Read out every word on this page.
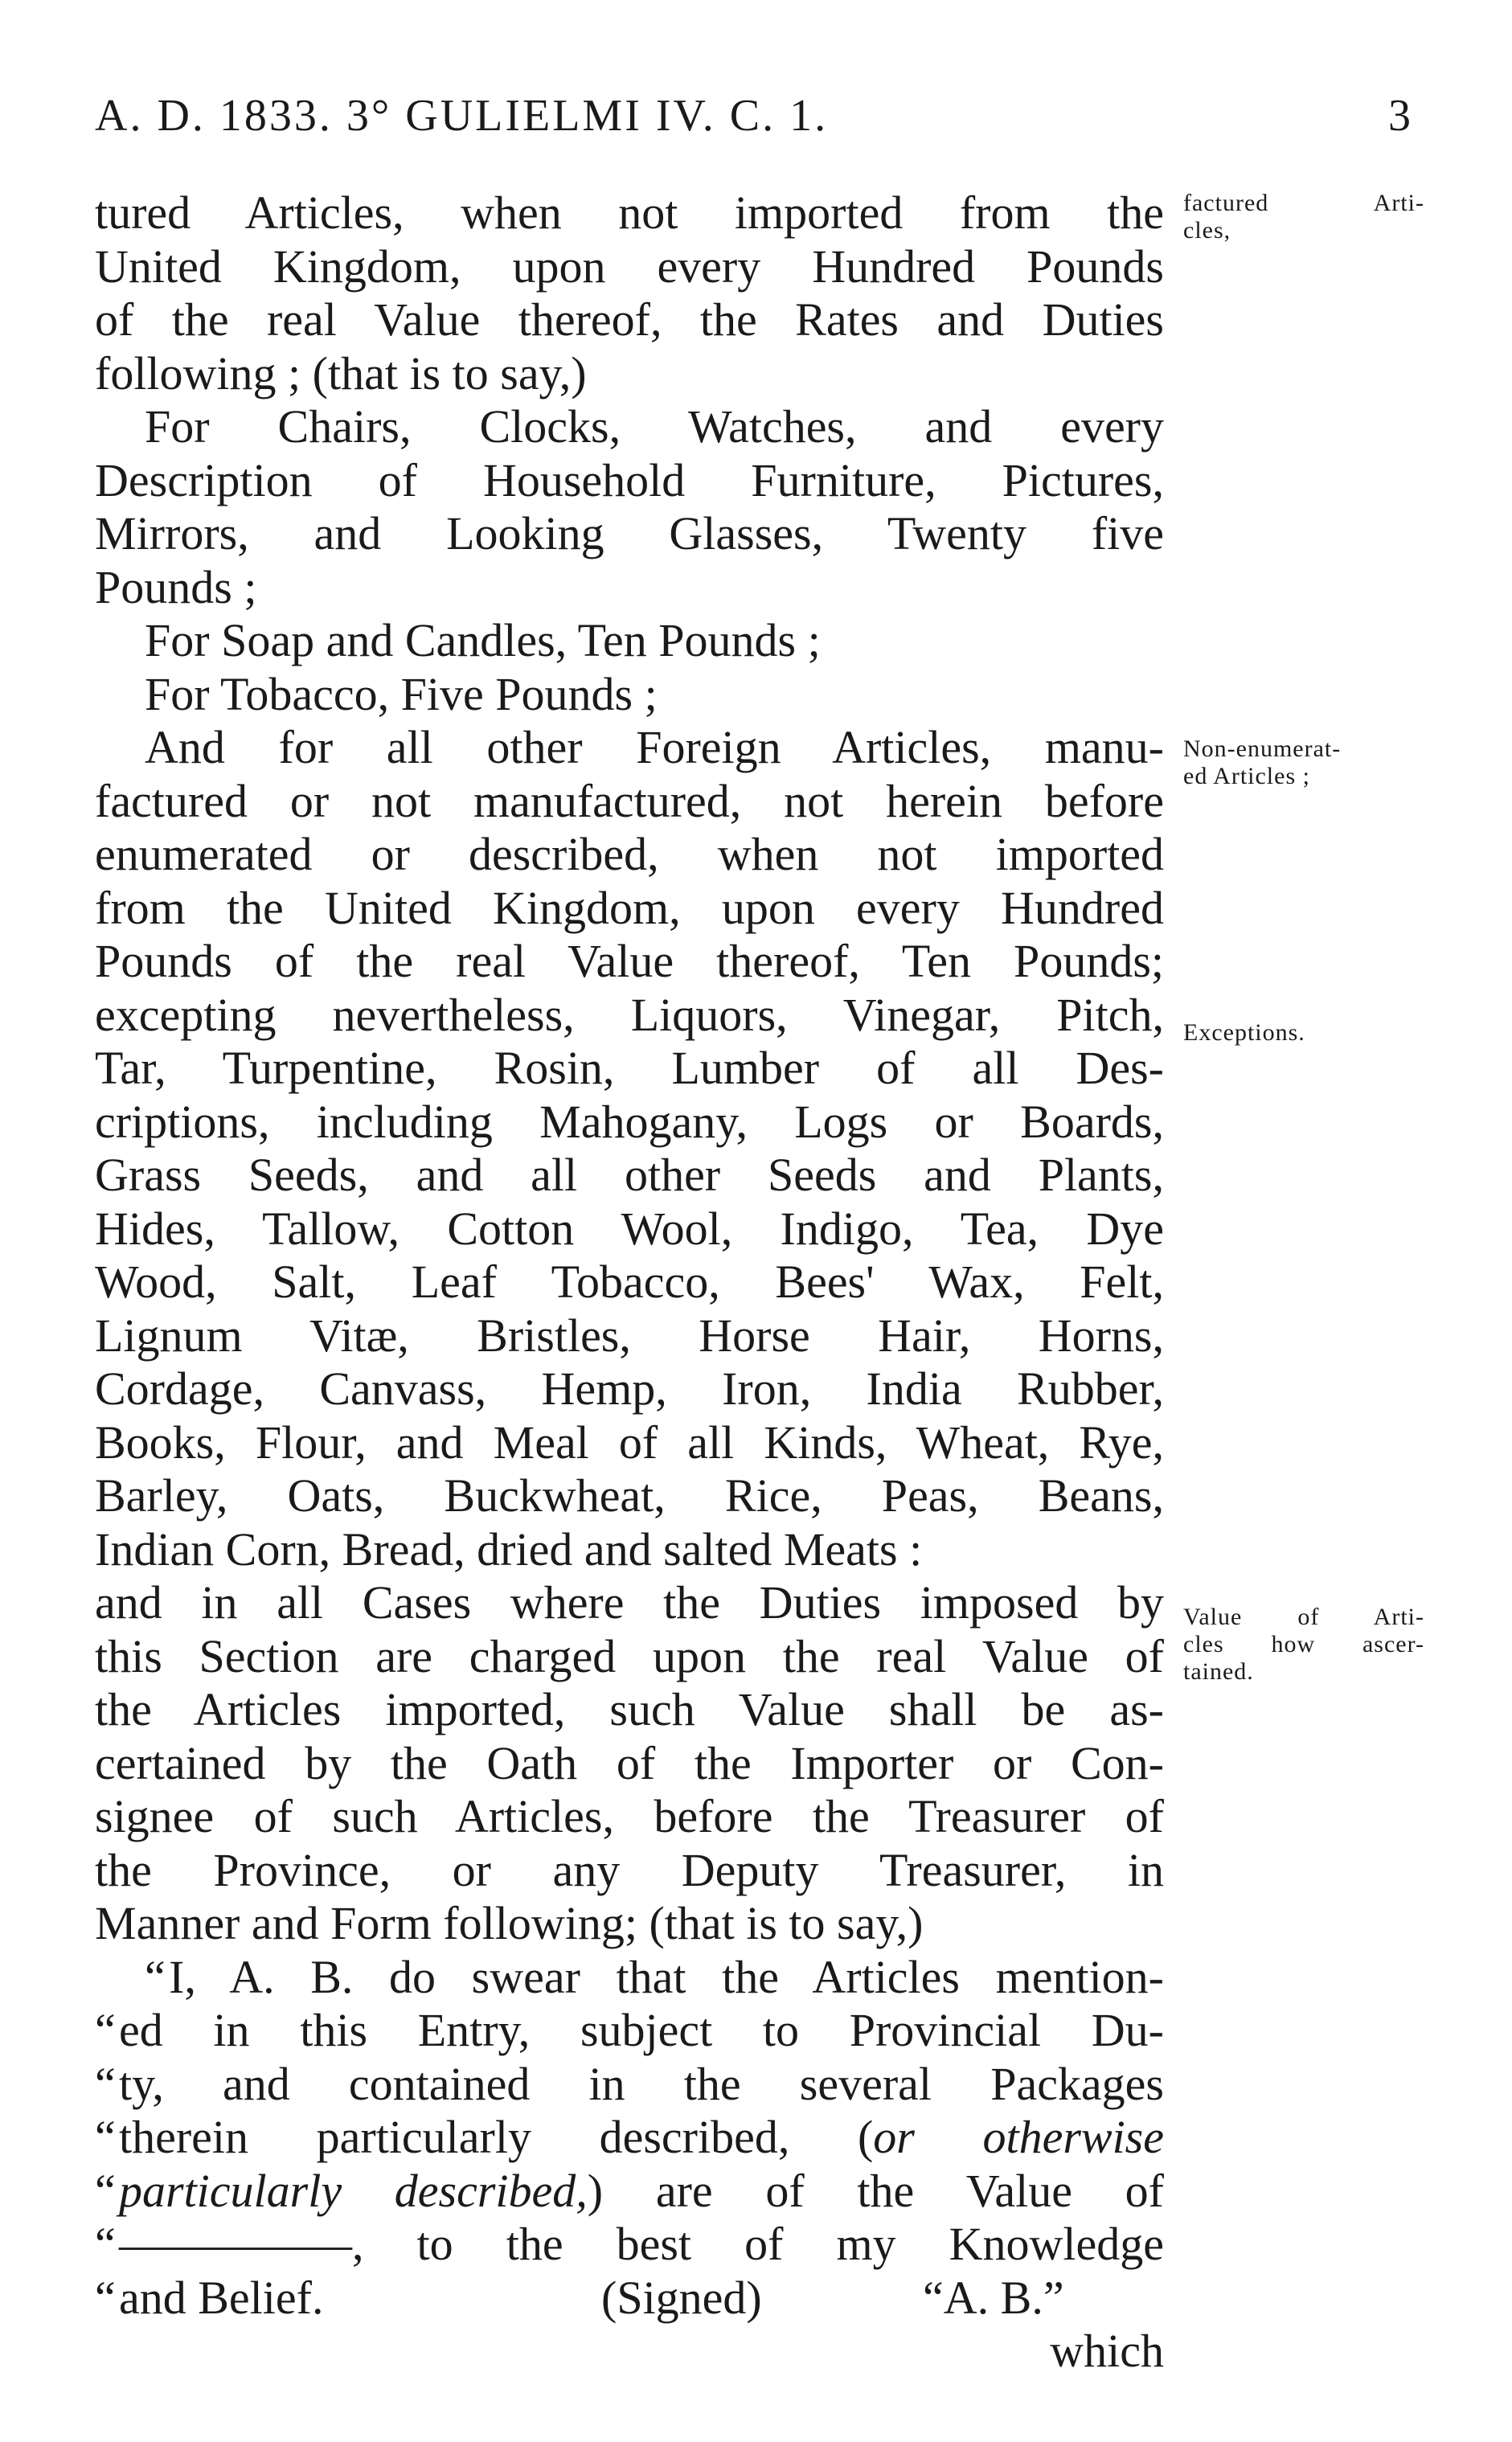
A. D. 1833. 3° GULIELMI IV. C. 1.	3
tured Articles, when not imported from the
United Kingdom, upon every Hundred Pounds
of the real Value thereof, the Rates and Duties
following ; (that is to say,)
For Chairs, Clocks, Watches, and every
Description of Household Furniture, Pictures,
Mirrors, and Looking Glasses, Twenty five
Pounds ;
For Soap and Candles, Ten Pounds ;
For Tobacco, Five Pounds ;
And for all other Foreign Articles, manu-
factured or not manufactured, not herein before
enumerated or described, when not imported
from the United Kingdom, upon every Hundred
Pounds of the real Value thereof, Ten Pounds;
excepting nevertheless, Liquors, Vinegar, Pitch,
Tar, Turpentine, Rosin, Lumber of all Des-
criptions, including Mahogany, Logs or Boards,
Grass Seeds, and all other Seeds and Plants,
Hides, Tallow, Cotton Wool, Indigo, Tea, Dye
Wood, Salt, Leaf Tobacco, Bees' Wax, Felt,
Lignum Vitæ, Bristles, Horse Hair, Horns,
Cordage, Canvass, Hemp, Iron, India Rubber,
Books, Flour, and Meal of all Kinds, Wheat, Rye,
Barley, Oats, Buckwheat, Rice, Peas, Beans,
Indian Corn, Bread, dried and salted Meats :
and in all Cases where the Duties imposed by
this Section are charged upon the real Value of
the Articles imported, such Value shall be as-
certained by the Oath of the Importer or Con-
signee of such Articles, before the Treasurer of
the Province, or any Deputy Treasurer, in
Manner and Form following; (that is to say,)
“I, A. B. do swear that the Articles mention-
“ed in this Entry, subject to Provincial Du-
“ty, and contained in the several Packages
“therein particularly described, (or otherwise
“particularly described,) are of the Value of
“—————, to the best of my Knowledge
“and Belief.	(Signed)	“A. B.”
which
factured Arti-
cles,
Non-enumerat-
ed Articles ;
Exceptions.
Value of Arti-
cles how ascer-
tained.
